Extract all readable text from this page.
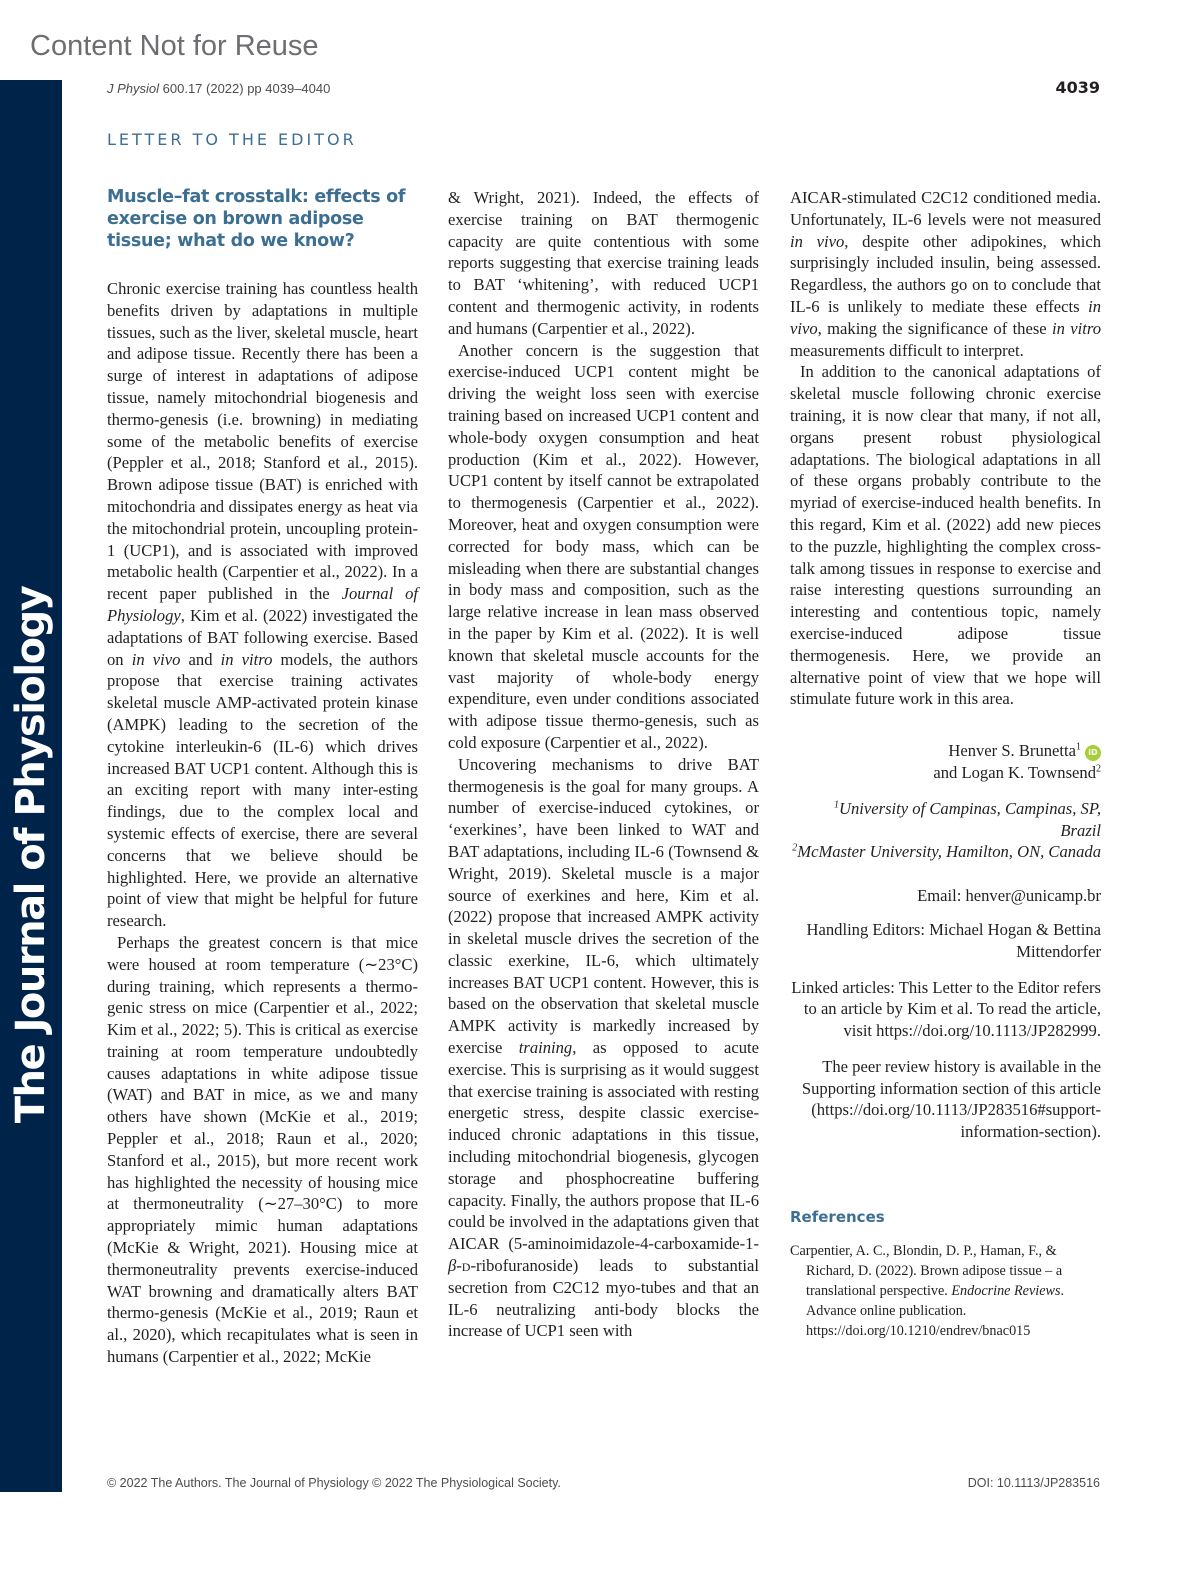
Content Not for Reuse
The Journal of Physiology
J Physiol 600.17 (2022) pp 4039–4040	4039
LETTER TO THE EDITOR
Muscle–fat crosstalk: effects of exercise on brown adipose tissue; what do we know?

Chronic exercise training has countless health benefits driven by adaptations in multiple tissues, such as the liver, skeletal muscle, heart and adipose tissue. Recently there has been a surge of interest in adaptations of adipose tissue, namely mitochondrial biogenesis and thermo-genesis (i.e. browning) in mediating some of the metabolic benefits of exercise (Peppler et al., 2018; Stanford et al., 2015). Brown adipose tissue (BAT) is enriched with mitochondria and dissipates energy as heat via the mitochondrial protein, uncoupling protein-1 (UCP1), and is associated with improved metabolic health (Carpentier et al., 2022). In a recent paper published in the Journal of Physiology, Kim et al. (2022) investigated the adaptations of BAT following exercise. Based on in vivo and in vitro models, the authors propose that exercise training activates skeletal muscle AMP-activated protein kinase (AMPK) leading to the secretion of the cytokine interleukin-6 (IL-6) which drives increased BAT UCP1 content. Although this is an exciting report with many inter-esting findings, due to the complex local and systemic effects of exercise, there are several concerns that we believe should be highlighted. Here, we provide an alternative point of view that might be helpful for future research.

Perhaps the greatest concern is that mice were housed at room temperature (∼23°C) during training, which represents a thermo-genic stress on mice (Carpentier et al., 2022; Kim et al., 2022; 5). This is critical as exercise training at room temperature undoubtedly causes adaptations in white adipose tissue (WAT) and BAT in mice, as we and many others have shown (McKie et al., 2019; Peppler et al., 2018; Raun et al., 2020; Stanford et al., 2015), but more recent work has highlighted the necessity of housing mice at thermoneutrality (∼27–30°C) to more appropriately mimic human adaptations (McKie & Wright, 2021). Housing mice at thermoneutrality prevents exercise-induced WAT browning and dramatically alters BAT thermo-genesis (McKie et al., 2019; Raun et al., 2020), which recapitulates what is seen in humans (Carpentier et al., 2022; McKie

& Wright, 2021). Indeed, the effects of exercise training on BAT thermogenic capacity are quite contentious with some reports suggesting that exercise training leads to BAT ‘whitening’, with reduced UCP1 content and thermogenic activity, in rodents and humans (Carpentier et al., 2022).

Another concern is the suggestion that exercise-induced UCP1 content might be driving the weight loss seen with exercise training based on increased UCP1 content and whole-body oxygen consumption and heat production (Kim et al., 2022). However, UCP1 content by itself cannot be extrapolated to thermogenesis (Carpentier et al., 2022). Moreover, heat and oxygen consumption were corrected for body mass, which can be misleading when there are substantial changes in body mass and composition, such as the large relative increase in lean mass observed in the paper by Kim et al. (2022). It is well known that skeletal muscle accounts for the vast majority of whole-body energy expenditure, even under conditions associated with adipose tissue thermo-genesis, such as cold exposure (Carpentier et al., 2022).

Uncovering mechanisms to drive BAT thermogenesis is the goal for many groups. A number of exercise-induced cytokines, or ‘exerkines’, have been linked to WAT and BAT adaptations, including IL-6 (Townsend & Wright, 2019). Skeletal muscle is a major source of exerkines and here, Kim et al. (2022) propose that increased AMPK activity in skeletal muscle drives the secretion of the classic exerkine, IL-6, which ultimately increases BAT UCP1 content. However, this is based on the observation that skeletal muscle AMPK activity is markedly increased by exercise training, as opposed to acute exercise. This is surprising as it would suggest that exercise training is associated with resting energetic stress, despite classic exercise-induced chronic adaptations in this tissue, including mitochondrial biogenesis, glycogen storage and phosphocreatine buffering capacity. Finally, the authors propose that IL-6 could be involved in the adaptations given that AICAR (5-aminoimidazole-4-carboxamide-1-β-d-ribofuranoside) leads to substantial secretion from C2C12 myo-tubes and that an IL-6 neutralizing anti-body blocks the increase of UCP1 seen with

AICAR-stimulated C2C12 conditioned media. Unfortunately, IL-6 levels were not measured in vivo, despite other adipokines, which surprisingly included insulin, being assessed. Regardless, the authors go on to conclude that IL-6 is unlikely to mediate these effects in vivo, making the significance of these in vitro measurements difficult to interpret.

In addition to the canonical adaptations of skeletal muscle following chronic exercise training, it is now clear that many, if not all, organs present robust physiological adaptations. The biological adaptations in all of these organs probably contribute to the myriad of exercise-induced health benefits. In this regard, Kim et al. (2022) add new pieces to the puzzle, highlighting the complex cross-talk among tissues in response to exercise and raise interesting questions surrounding an interesting and contentious topic, namely exercise-induced adipose tissue thermogenesis. Here, we provide an alternative point of view that we hope will stimulate future work in this area.

Henver S. Brunetta$^1$iD
and Logan K. Townsend$^2$
$^1$University of Campinas, Campinas, SP, Brazil
$^2$McMaster University, Hamilton, ON, Canada
Email: henver@unicamp.br
Handling Editors: Michael Hogan & Bettina Mittendorfer
Linked articles: This Letter to the Editor refers to an article by Kim et al. To read the article, visit https://doi.org/10.1113/JP282999.
The peer review history is available in the Supporting information section of this article (https://doi.org/10.1113/JP283516#support-information-section).
References
Carpentier, A. C., Blondin, D. P., Haman, F., & Richard, D. (2022). Brown adipose tissue – a translational perspective. Endocrine Reviews. Advance online publication. https://doi.org/10.1210/endrev/bnac015
© 2022 The Authors. The Journal of Physiology © 2022 The Physiological Society.	DOI: 10.1113/JP283516
